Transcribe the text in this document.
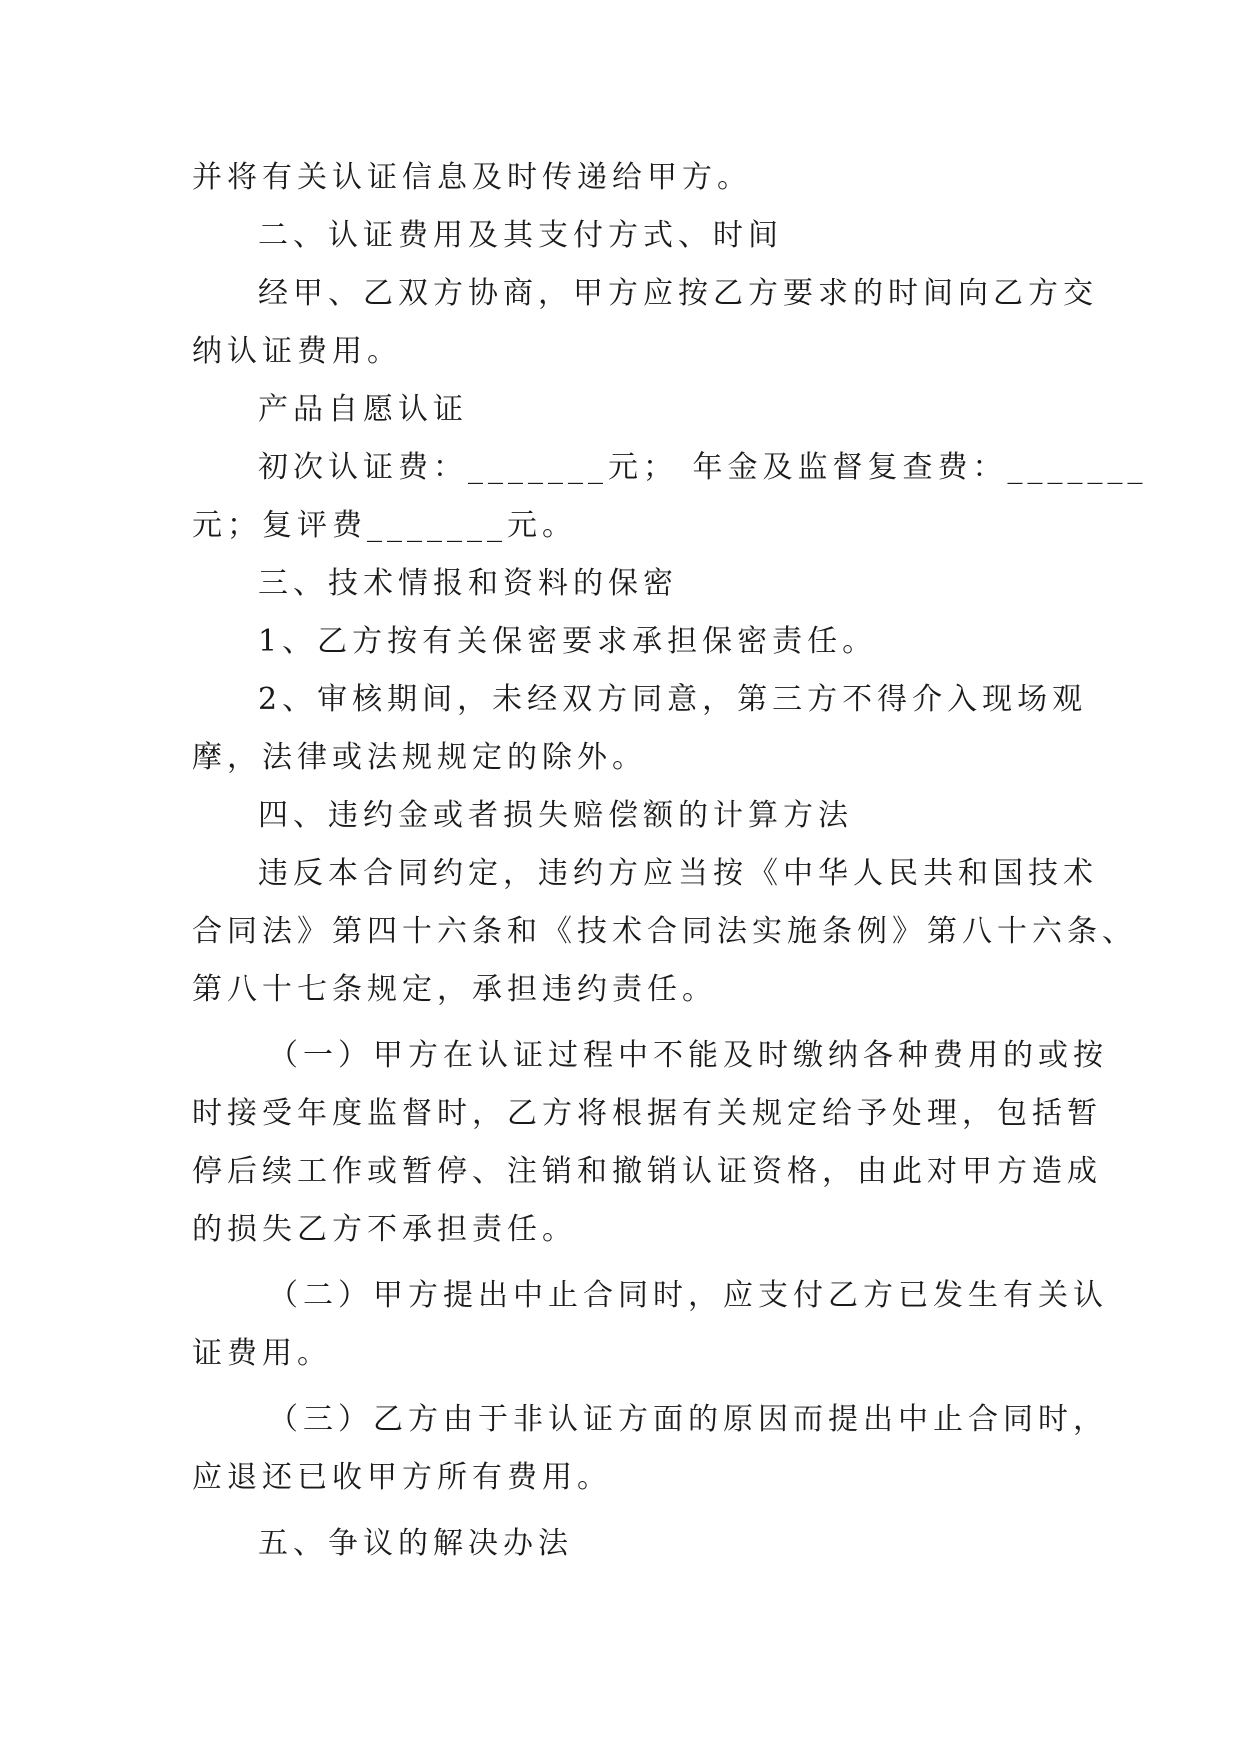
并将有关认证信息及时传递给甲方。
二、认证费用及其支付方式、时间
经甲、乙双方协商，甲方应按乙方要求的时间向乙方交
纳认证费用。
产品自愿认证
初次认证费：_______元； 年金及监督复查费：_______
元；复评费_______元。
三、技术情报和资料的保密
1、乙方按有关保密要求承担保密责任。
2、审核期间，未经双方同意，第三方不得介入现场观
摩，法律或法规规定的除外。
四、违约金或者损失赔偿额的计算方法
违反本合同约定，违约方应当按《中华人民共和国技术
合同法》第四十六条和《技术合同法实施条例》第八十六条、
第八十七条规定，承担违约责任。
（一）甲方在认证过程中不能及时缴纳各种费用的或按
时接受年度监督时，乙方将根据有关规定给予处理，包括暂
停后续工作或暂停、注销和撤销认证资格，由此对甲方造成
的损失乙方不承担责任。
（二）甲方提出中止合同时，应支付乙方已发生有关认
证费用。
（三）乙方由于非认证方面的原因而提出中止合同时，
应退还已收甲方所有费用。
五、争议的解决办法
